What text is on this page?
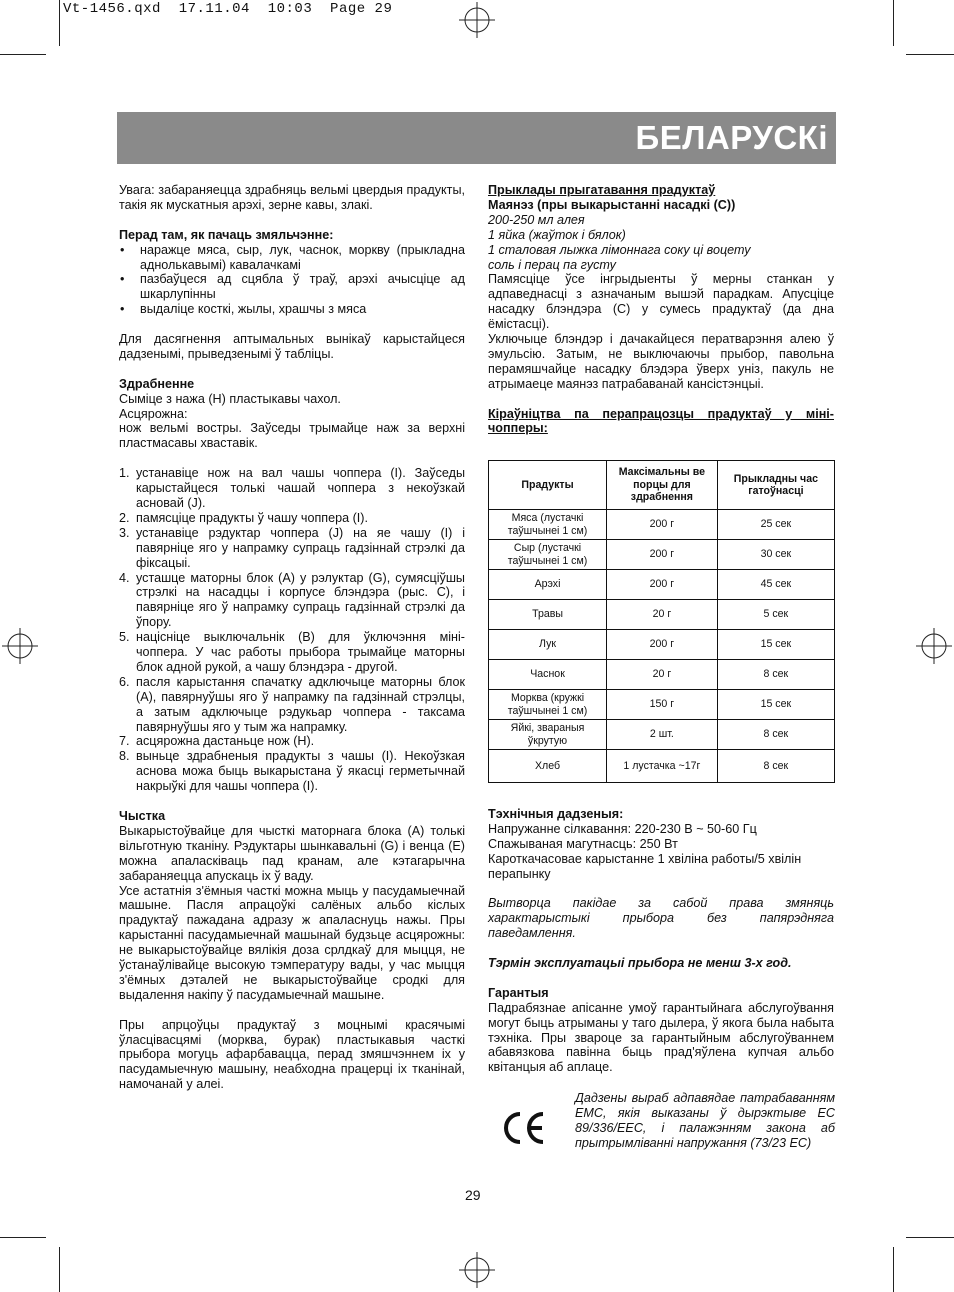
Vt-1456.qxd  17.11.04  10:03  Page 29
БЕЛАРУСКi

Увага: забараняецца здрабняць вельмі цвердыя прадукты, такія як мускатныя арэхі, зерне кавы, злакі.

Перад там, як пачаць змяльчэнне:

• наражце мяса, сыр, лук, часнок, моркву (прыкладна аднолькавымі) кавалачкамі
• пазбаўцеся ад сцябла ў траў, арэхі ачысціце ад шкарлупінны
• выдаліце косткі, жылы, хрaшчы з мяса

Для дасягнення аптымальных вынікаў карыстайцеся дадзенымі, прыведзенымі ў табліцы.

Здрабненне

Сыміце з нажа (H) пластыкавы чахол.

Асцярожна:

нож вельмі востры. Заўседы трымайце наж за верхні пластмасавы хваставік.

1. устанавіце нож на вал чашы чоппера (I). Заўседы карыстайцеся толькі чашай чоппера з некоўзкай асновай (J).
2. памясціце прадукты ў чашу чоппера (I).
3. устанавіце рэдуктар чоппера (J) на яе чашу (I) і павярніце яго у напрамку супраць гадзіннай стрэлкі да фіксацыі.
4. усташце маторны блок (А) у рэлуктар (G), сумясціўшы стрэлкі на насадцы і корпусе блэндэра (рыс. С), і павярніце яго ў напрамку супраць гадзіннай стрэлкі да ўпору.
5. націсніце выключальнік (В) для ўключэння міні-чоппера. У час работы прыбора трымайце маторны блок адной рукой, а чашу блэндэра - другой.
6. пасля карыстання спачатку адключыце маторны блок (А), павярнуўшы яго ў напрамку па гадзіннай стрэлцы, а затым адключыце рэдукьар чоппера - таксама павярнуўшы яго у тым жа напрамку.
7. асцярожна дастаньце нож (H).
8. выньце здрабненыя прадукты з чашы (I). Некоўзкая аснова можа быць выкарыстана ў якасці герметычнай накрыўкі для чашы чоппера (I).

Чыстка

Выкарыстоўвайце для чысткі маторнага блока (А) толькі вільготную тканіну. Рэдуктары шынкавальні (G) і венца (Е) можна апаласківаць пад кранам, але кэтагарычна забараняецца апускаць іх ў ваду.

Усе астатнія з'ёмныя часткі можна мыць у пасудамыечнай машыне. Пасля апрацоўкі салёных альбо кіслых прадуктаў пажадана адразу ж апаласнуць нажы. Пры карыстанні пасудамыечнай машынай будзьце асцярожны: не выкарыстоўвайце вялікія доза срлдкаў для мыцця, не ўстанаўлівайце высокую тэмпературу вады, у час мыцця з'ёмных дэталей не выкарыстоўвайце сродкі для выдалення накіпу ў пасудамыечнай машыне.

Пры апрцоўцы прадуктаў з моцнымі красячымі ўласцівасцямі (морква, бурак) пластыкавыя часткі прыбора могуць афарбавацца, перад змяшчэннем іх у пасудамыечную машыну, неабходна працерці іх тканінай, намочанай у алеі.

Прыклады прыгатавання прадуктаў

Маянэз (пры выкарыстанні насадкі (С))

200-250 мл алея

1 яйка (жаўток і бялок)

1 сталовая лыжка лімоннага соку ці воцету

соль і перац па густу

Памясціце ўсе інгрыдыенты ў мерны станкан у адпаведнасці з азначаным вышэй парадкам. Апусціце насадку блэндэра (С) у сумесь прадуктаў (да дна ёмістасці).

Уключыце блэндэр і дачакайцеся ператварэння алею ў эмульсію. Затым, не выключаючы прыбор, павольна перамяшчайце насадку блэдэра ўверх уніз, пакуль не атрымаеце маянэз патрабаванай кансістэнцыі.

Кіраўніцтва па перапрацозцы прадуктаў у міні-чопперы:

Прадукты	Максімальны ве порцы для здрабнення	Прыкладны час гатоўнасці
Мяса (лустачкі таўшчынеі 1 см)	200 г	25 сек
Сыр (лустачкі таўшчынеі 1 см)	200 г	30 сек
Арэхі	200 г	45 сек
Травы	20 г	5 сек
Лук	200 г	15 сек
Часнок	20 г	8 сек
Морква (кружкі таўшчынеі 1 см)	150 г	15 сек
Яйкі, звараныя ўкрутую	2 шт.	8 сек
Хлеб	1 лустачка ~17г	8 сек

Тэхнічныя дадзеныя:

Напружанне сілкавання: 220-230 В ~ 50-60 Гц

Спажываная магутнасць: 250 Вт

Кароткачасовае карыстанне 1 хвіліна работы/5 хвілін перапынку

Вытворца пакідае за сабой права змяняць характарыстыкі прыбора без папярэдняга паведамлення.

Тэрмін эксплуатацыі прыбора не менш 3-х год.

Гарантыя

Падрабязнае апісанне умоў гарантыйнага абслугоўвання могут быць атрыманы у таго дылера, ў якога была набыта тэхніка. Пры звароце за гарантыйным абслугоўваннем абавязкова павінна быць прад'яўлена купчая альбо квітанцыя аб аплаце.

Дадзены выраб адпавядае патрабаванням ЕМС, якія выказаны ў дырэктыве ЕС 89/336/ЕЕС, і палажэнням закона аб прытрымліванні напружання (73/23 ЕС)
29
